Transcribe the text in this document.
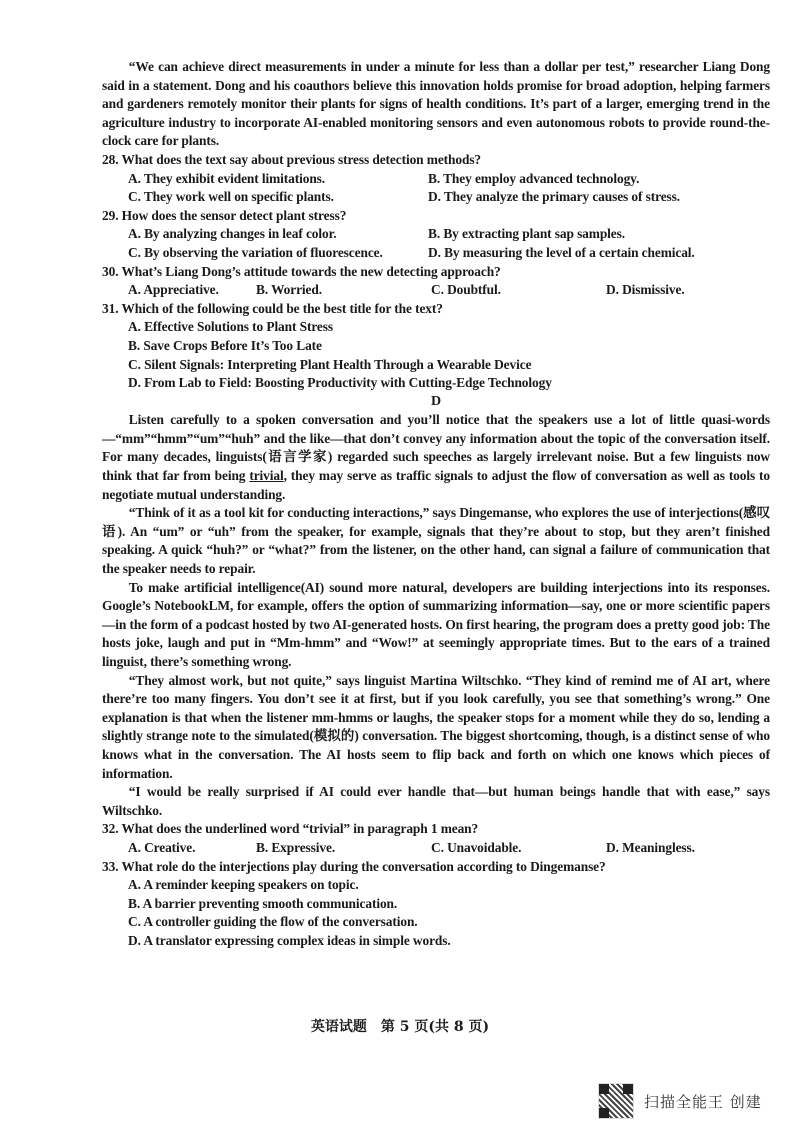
“We can achieve direct measurements in under a minute for less than a dollar per test,” researcher Liang Dong said in a statement. Dong and his coauthors believe this innovation holds promise for broad adoption, helping farmers and gardeners remotely monitor their plants for signs of health conditions. It’s part of a larger, emerging trend in the agriculture industry to incorporate AI-enabled monitoring sensors and even autonomous robots to provide round-the-clock care for plants.

28. What does the text say about previous stress detection methods?

A. They exhibit evident limitations.	B. They employ advanced technology.
C. They work well on specific plants.	D. They analyze the primary causes of stress.

29. How does the sensor detect plant stress?

A. By analyzing changes in leaf color.	B. By extracting plant sap samples.
C. By observing the variation of fluorescence.	D. By measuring the level of a certain chemical.

30. What’s Liang Dong’s attitude towards the new detecting approach?

A. Appreciative.	B. Worried.	C. Doubtful.	D. Dismissive.

31. Which of the following could be the best title for the text?

A. Effective Solutions to Plant Stress

B. Save Crops Before It’s Too Late

C. Silent Signals: Interpreting Plant Health Through a Wearable Device

D. From Lab to Field: Boosting Productivity with Cutting-Edge Technology

D

Listen carefully to a spoken conversation and you’ll notice that the speakers use a lot of little quasi-words—“mm”“hmm”“um”“huh” and the like—that don’t convey any information about the topic of the conversation itself. For many decades, linguists(语言学家) regarded such speeches as largely irrelevant noise. But a few linguists now think that far from being trivial, they may serve as traffic signals to adjust the flow of conversation as well as tools to negotiate mutual understanding.

“Think of it as a tool kit for conducting interactions,” says Dingemanse, who explores the use of interjections(感叹语). An “um” or “uh” from the speaker, for example, signals that they’re about to stop, but they aren’t finished speaking. A quick “huh?” or “what?” from the listener, on the other hand, can signal a failure of communication that the speaker needs to repair.

To make artificial intelligence(AI) sound more natural, developers are building interjections into its responses. Google’s NotebookLM, for example, offers the option of summarizing information—say, one or more scientific papers—in the form of a podcast hosted by two AI-generated hosts. On first hearing, the program does a pretty good job: The hosts joke, laugh and put in “Mm-hmm” and “Wow!” at seemingly appropriate times. But to the ears of a trained linguist, there’s something wrong.

“They almost work, but not quite,” says linguist Martina Wiltschko. “They kind of remind me of AI art, where there’re too many fingers. You don’t see it at first, but if you look carefully, you see that something’s wrong.” One explanation is that when the listener mm-hmms or laughs, the speaker stops for a moment while they do so, lending a slightly strange note to the simulated(模拟的) conversation. The biggest shortcoming, though, is a distinct sense of who knows what in the conversation. The AI hosts seem to flip back and forth on which one knows which pieces of information.

“I would be really surprised if AI could ever handle that—but human beings handle that with ease,” says Wiltschko.

32. What does the underlined word “trivial” in paragraph 1 mean?

A. Creative.	B. Expressive.	C. Unavoidable.	D. Meaningless.

33. What role do the interjections play during the conversation according to Dingemanse?

A. A reminder keeping speakers on topic.

B. A barrier preventing smooth communication.

C. A controller guiding the flow of the conversation.

D. A translator expressing complex ideas in simple words.

英语试题　第 5 页(共 8 页)
扫描全能王 创建
